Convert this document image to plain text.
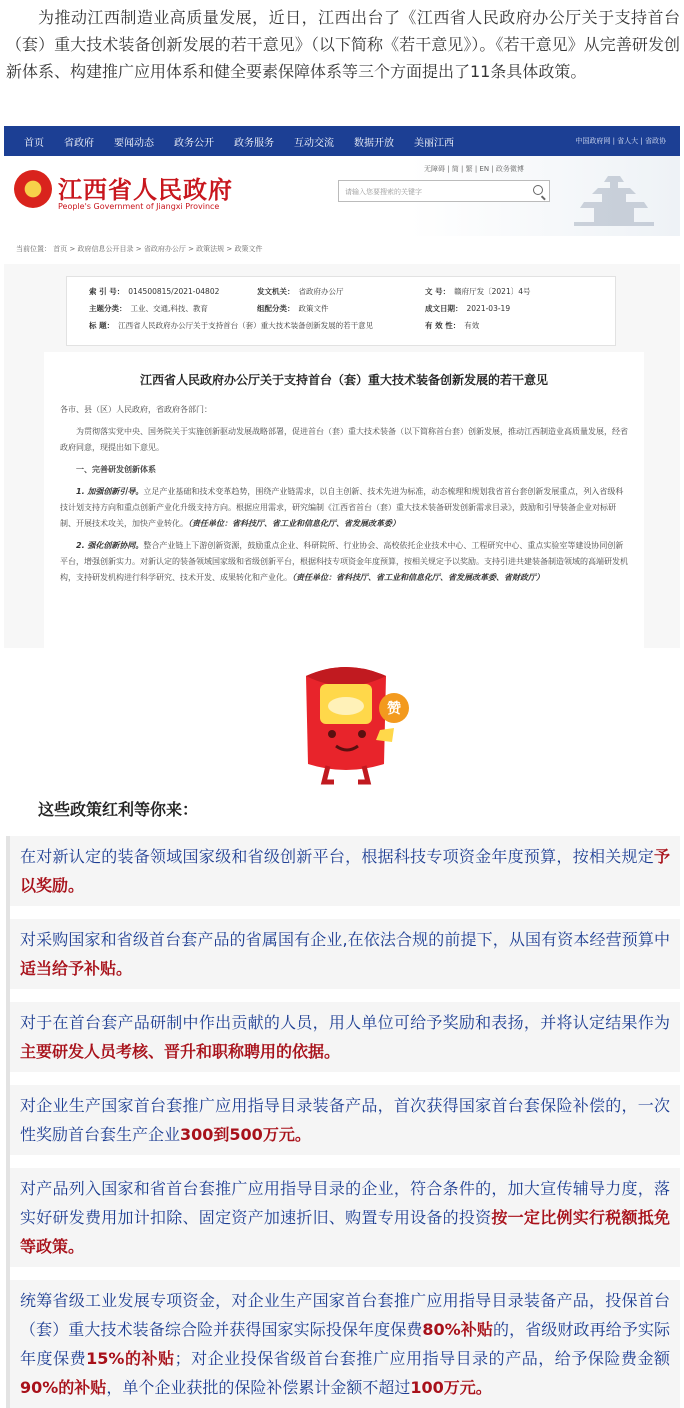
为推动江西制造业高质量发展，近日，江西出台了《江西省人民政府办公厅关于支持首台（套）重大技术装备创新发展的若干意见》（以下简称《若干意见》）。《若干意见》从完善研发创新体系、构建推广应用体系和健全要素保障体系等三个方面提出了11条具体政策。

首页 省政府 要闻动态 政务公开 政务服务 互动交流 数据开放 美丽江西	中国政府网 | 省人大 | 省政协
江西省人民政府
People's Government of Jiangxi Province
无障碍 | 简 | 繁 | EN | 政务微博
请输入您要搜索的关键字
当前位置： 首页 > 政府信息公开目录 > 省政府办公厅 > 政策法规 > 政策文件
索 引 号： 014500815/2021-04802	发文机关： 省政府办公厅	文 号： 赣府厅发〔2021〕4号
主题分类： 工业、交通,科技、教育	组配分类： 政策文件	成文日期： 2021-03-19
标 题： 江西省人民政府办公厅关于支持首台（套）重大技术装备创新发展的若干意见	有 效 性： 有效
江西省人民政府办公厅关于支持首台（套）重大技术装备创新发展的若干意见

各市、县（区）人民政府，省政府各部门：

为贯彻落实党中央、国务院关于实施创新驱动发展战略部署，促进首台（套）重大技术装备（以下简称首台套）创新发展，推动江西制造业高质量发展，经省政府同意，现提出如下意见。

一、完善研发创新体系

1. 加强创新引导。立足产业基础和技术变革趋势，围绕产业链需求，以自主创新、技术先进为标准，动态梳理和规划我省首台套创新发展重点，列入省级科技计划支持方向和重点创新产业化升级支持方向。根据应用需求，研究编制《江西省首台（套）重大技术装备研发创新需求目录》，鼓励和引导装备企业对标研制、开展技术攻关，加快产业转化。（责任单位：省科技厅、省工业和信息化厅、省发展改革委）

2. 强化创新协同。整合产业链上下游创新资源，鼓励重点企业、科研院所、行业协会、高校依托企业技术中心、工程研究中心、重点实验室等建设协同创新平台，增强创新实力。对新认定的装备领域国家级和省级创新平台，根据科技专项资金年度预算，按相关规定予以奖励。支持引进共建装备制造领域的高端研发机构，支持研发机构进行科学研究、技术开发、成果转化和产业化。（责任单位：省科技厅、省工业和信息化厅、省发展改革委、省财政厅）

赞
这些政策红利等你来：
在对新认定的装备领域国家级和省级创新平台，根据科技专项资金年度预算，按相关规定予以奖励。
对采购国家和省级首台套产品的省属国有企业,在依法合规的前提下，从国有资本经营预算中适当给予补贴。
对于在首台套产品研制中作出贡献的人员，用人单位可给予奖励和表扬，并将认定结果作为主要研发人员考核、晋升和职称聘用的依据。
对企业生产国家首台套推广应用指导目录装备产品，首次获得国家首台套保险补偿的，一次性奖励首台套生产企业300到500万元。
对产品列入国家和省首台套推广应用指导目录的企业，符合条件的，加大宣传辅导力度，落实好研发费用加计扣除、固定资产加速折旧、购置专用设备的投资按一定比例实行税额抵免等政策。
统筹省级工业发展专项资金，对企业生产国家首台套推广应用指导目录装备产品，投保首台（套）重大技术装备综合险并获得国家实际投保年度保费80%补贴的，省级财政再给予实际年度保费15%的补贴；对企业投保省级首台套推广应用指导目录的产品，给予保险费金额90%的补贴，单个企业获批的保险补偿累计金额不超过100万元。
